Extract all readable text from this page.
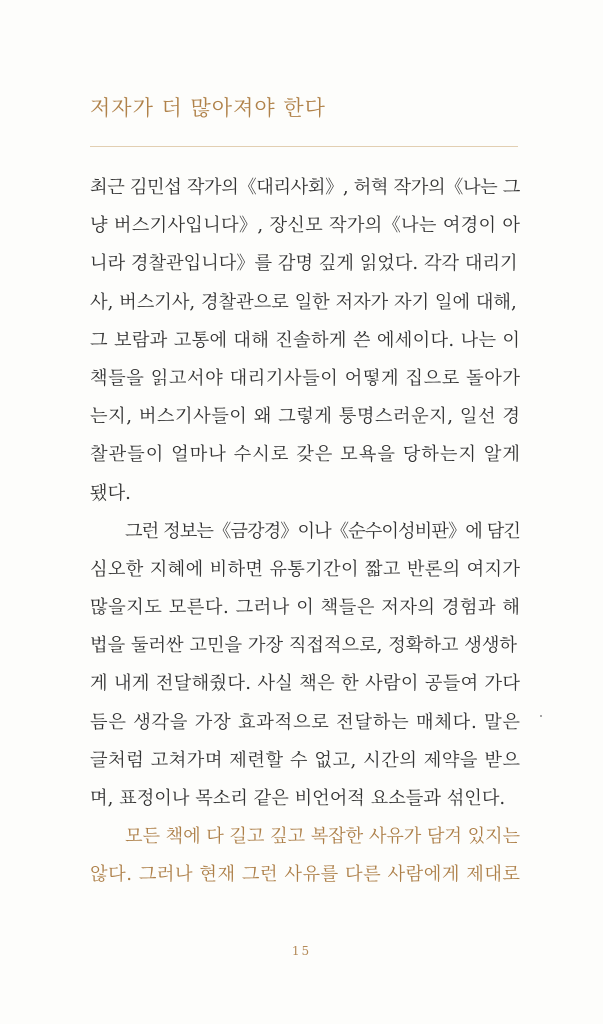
저자가 더 많아져야 한다
최근 김민섭 작가의《대리사회》, 허혁 작가의《나는 그
냥 버스기사입니다》, 장신모 작가의《나는 여경이 아
니라 경찰관입니다》를 감명 깊게 읽었다. 각각 대리기
사, 버스기사, 경찰관으로 일한 저자가 자기 일에 대해,
그 보람과 고통에 대해 진솔하게 쓴 에세이다. 나는 이
책들을 읽고서야 대리기사들이 어떻게 집으로 돌아가
는지, 버스기사들이 왜 그렇게 퉁명스러운지, 일선 경
찰관들이 얼마나 수시로 갖은 모욕을 당하는지 알게
됐다.
그런 정보는《금강경》이나《순수이성비판》에 담긴
심오한 지혜에 비하면 유통기간이 짧고 반론의 여지가
많을지도 모른다. 그러나 이 책들은 저자의 경험과 해
법을 둘러싼 고민을 가장 직접적으로, 정확하고 생생하
게 내게 전달해줬다. 사실 책은 한 사람이 공들여 가다
듬은 생각을 가장 효과적으로 전달하는 매체다. 말은
글처럼 고쳐가며 제련할 수 없고, 시간의 제약을 받으
며, 표정이나 목소리 같은 비언어적 요소들과 섞인다.
모든 책에 다 길고 깊고 복잡한 사유가 담겨 있지는
않다. 그러나 현재 그런 사유를 다른 사람에게 제대로
15
